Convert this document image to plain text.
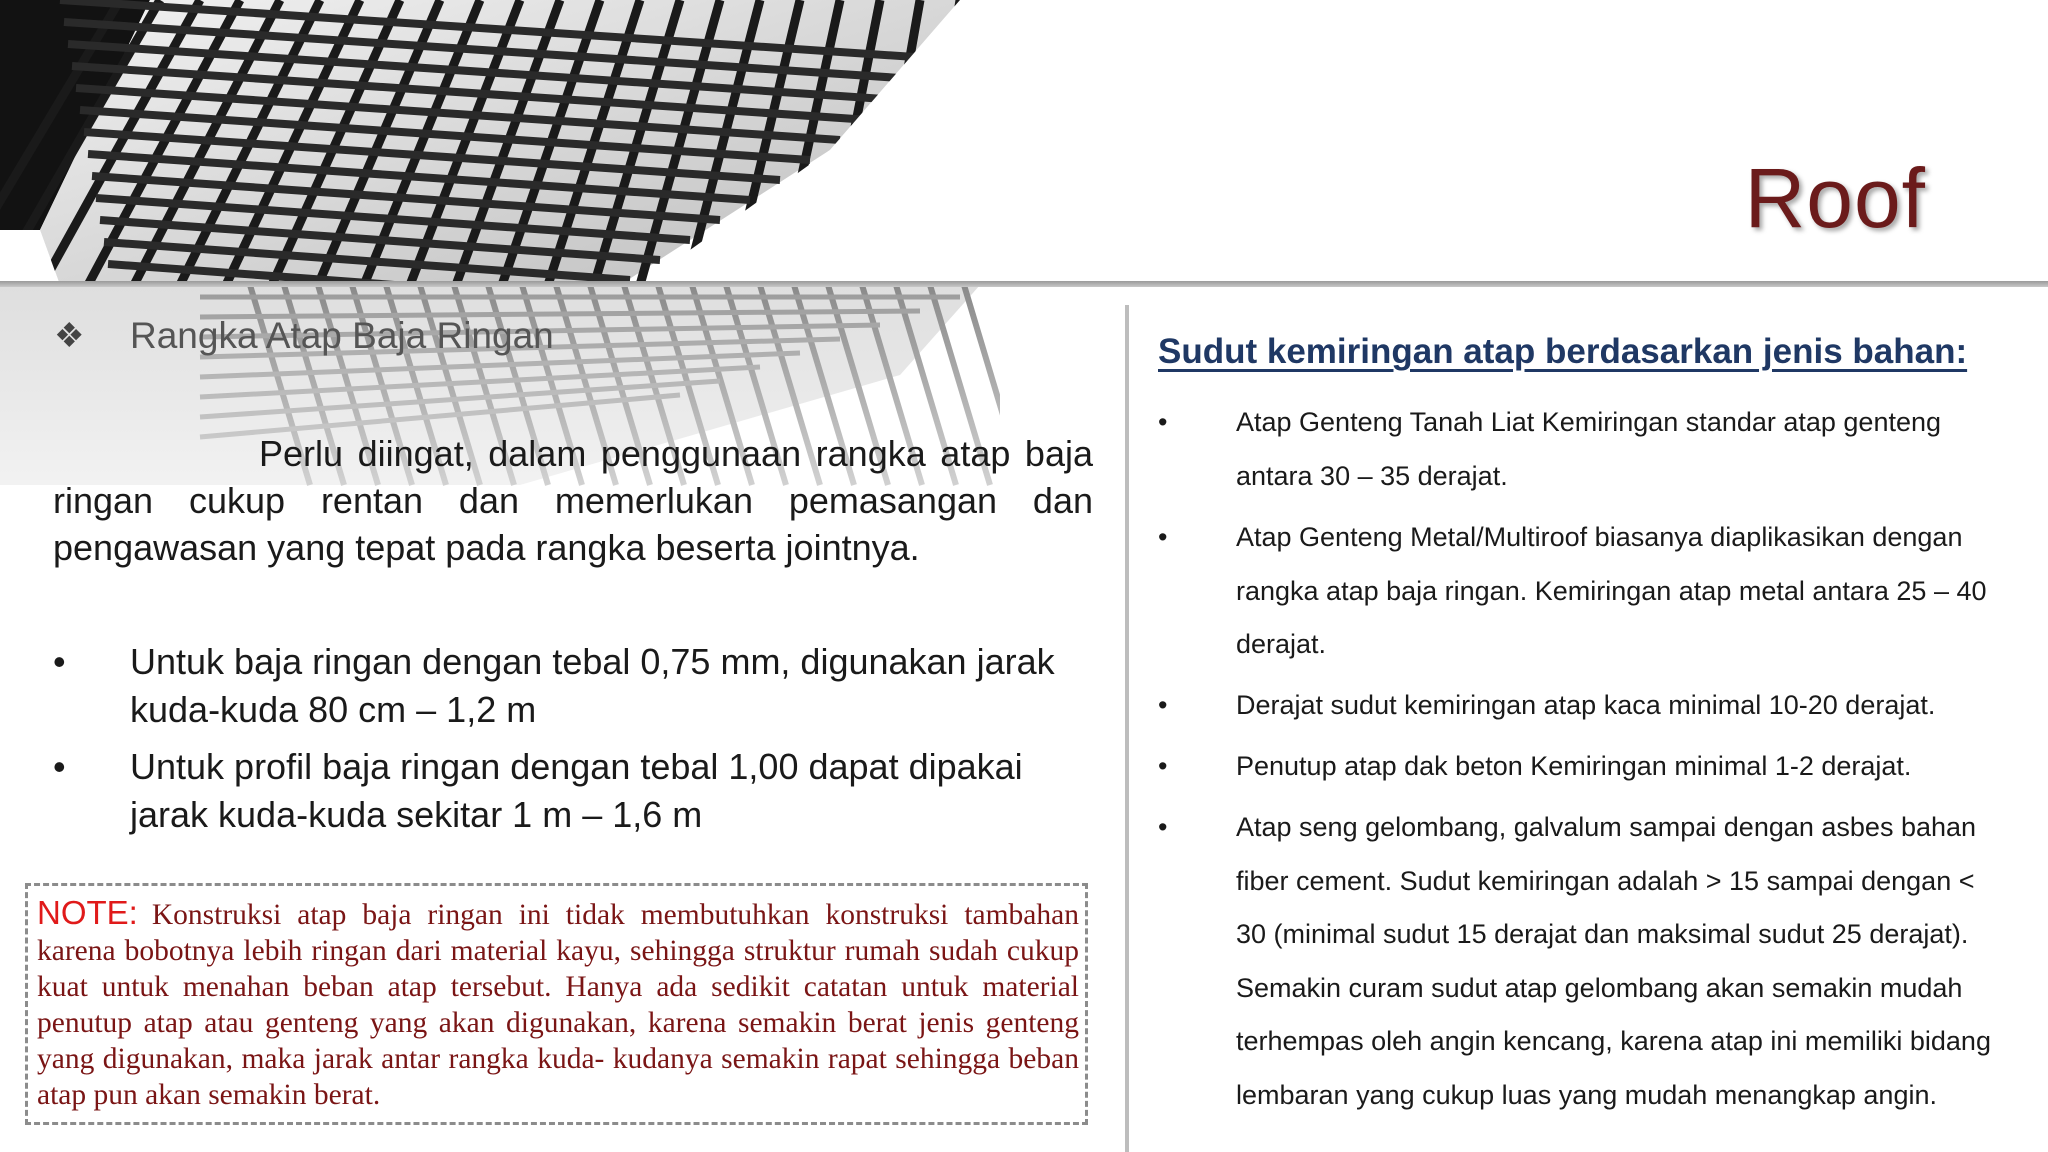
Roof
❖	Rangka Atap Baja Ringan
Perlu diingat, dalam penggunaan rangka atap baja ringan cukup rentan dan memerlukan pemasangan dan pengawasan yang tepat pada rangka beserta jointnya.
•	Untuk baja ringan dengan tebal 0,75 mm, digunakan jarak kuda-kuda 80 cm – 1,2 m
•	Untuk profil baja ringan dengan tebal 1,00 dapat dipakai jarak kuda-kuda sekitar 1 m – 1,6 m
NOTE: Konstruksi atap baja ringan ini tidak membutuhkan konstruksi tambahan karena bobotnya lebih ringan dari material kayu, sehingga struktur rumah sudah cukup kuat untuk menahan beban atap tersebut. Hanya ada sedikit catatan untuk material penutup atap atau genteng yang akan digunakan, karena semakin berat jenis genteng yang digunakan, maka jarak antar rangka kuda- kudanya semakin rapat sehingga beban atap pun akan semakin berat.
Sudut kemiringan atap berdasarkan jenis bahan:
•	Atap Genteng Tanah Liat Kemiringan standar atap genteng antara 30 – 35 derajat.
•	Atap Genteng Metal/Multiroof biasanya diaplikasikan dengan rangka atap baja ringan. Kemiringan atap metal antara 25 – 40 derajat.
•	Derajat sudut kemiringan atap kaca minimal 10-20 derajat.
•	Penutup atap dak beton Kemiringan minimal 1-2 derajat.
•	Atap seng gelombang, galvalum sampai dengan asbes bahan fiber cement. Sudut kemiringan adalah > 15 sampai dengan < 30 (minimal sudut 15 derajat dan maksimal sudut 25 derajat). Semakin curam sudut atap gelombang akan semakin mudah terhempas oleh angin kencang, karena atap ini memiliki bidang lembaran yang cukup luas yang mudah menangkap angin.
